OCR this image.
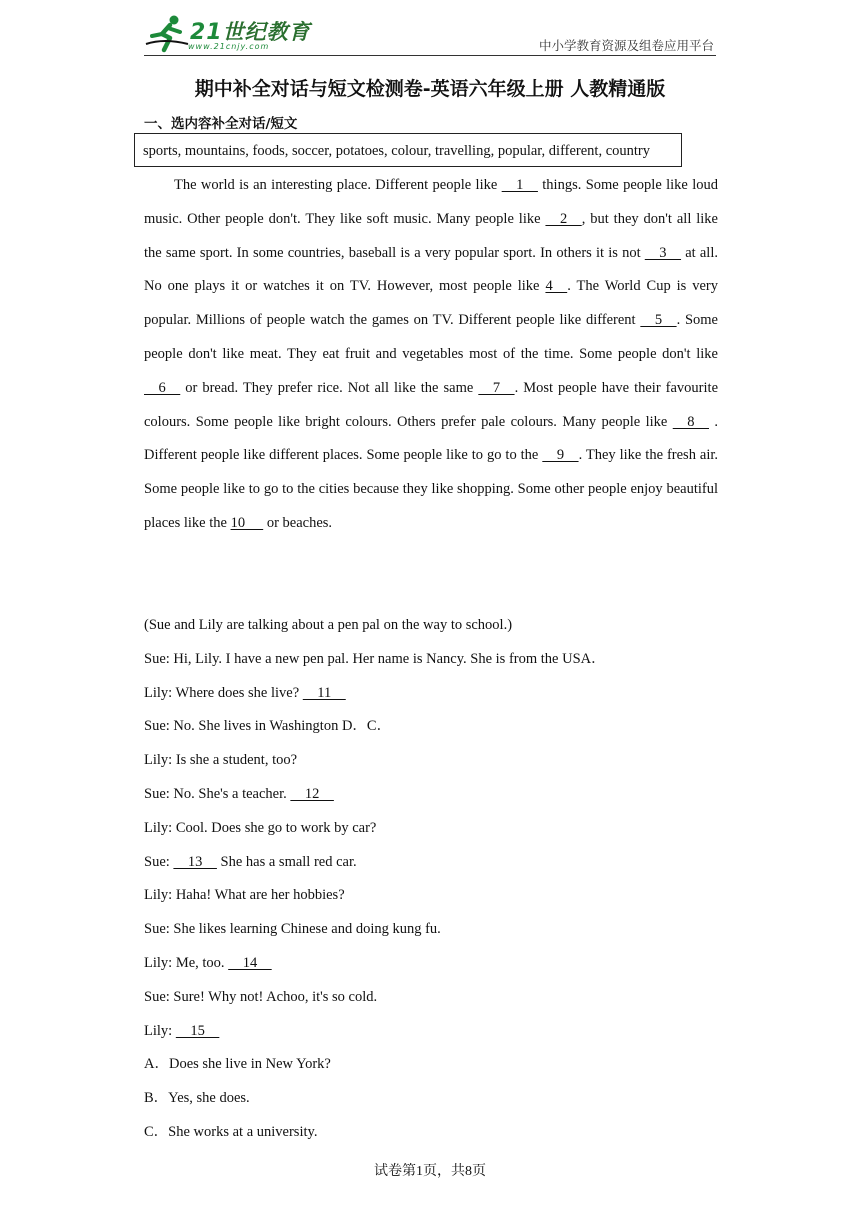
21世纪教育
www.21cnjy.com	中小学教育资源及组卷应用平台
期中补全对话与短文检测卷-英语六年级上册 人教精通版
一、选内容补全对话/短文
sports, mountains, foods, soccer, potatoes, colour, travelling, popular, different, country

The world is an interesting place. Different people like     1     things. Some people like loud music. Other people don't. They like soft music. Many people like     2    , but they don't all like the same sport. In some countries, baseball is a very popular sport. In others it is not     3     at all. No one plays it or watches it on TV. However, most people like 4    . The World Cup is very popular. Millions of people watch the games on TV. Different people like different     5    . Some people don't like meat. They eat fruit and vegetables most of the time. Some people don't like     6     or bread. They prefer rice. Not all like the same     7    . Most people have their favourite colours. Some people like bright colours. Others prefer pale colours. Many people like     8     . Different people like different places. Some people like to go to the     9    . They like the fresh air. Some people like to go to the cities because they like shopping. Some other people enjoy beautiful places like the 10      or beaches.

(Sue and Lily are talking about a pen pal on the way to school.)
Sue: Hi, Lily. I have a new pen pal. Her name is Nancy. She is from the USA．
Lily: Where does she live?     11
Sue: No. She lives in Washington D．C．
Lily: Is she a student, too?
Sue: No. She's a teacher.     12
Lily: Cool. Does she go to work by car?
Sue:     13     She has a small red car.
Lily: Haha! What are her hobbies?
Sue: She likes learning Chinese and doing kung fu.
Lily: Me, too.     14
Sue: Sure! Why not! Achoo, it's so cold.
Lily:     15
A．Does she live in New York?
B．Yes, she does.
C．She works at a university.
试卷第1页，共8页
